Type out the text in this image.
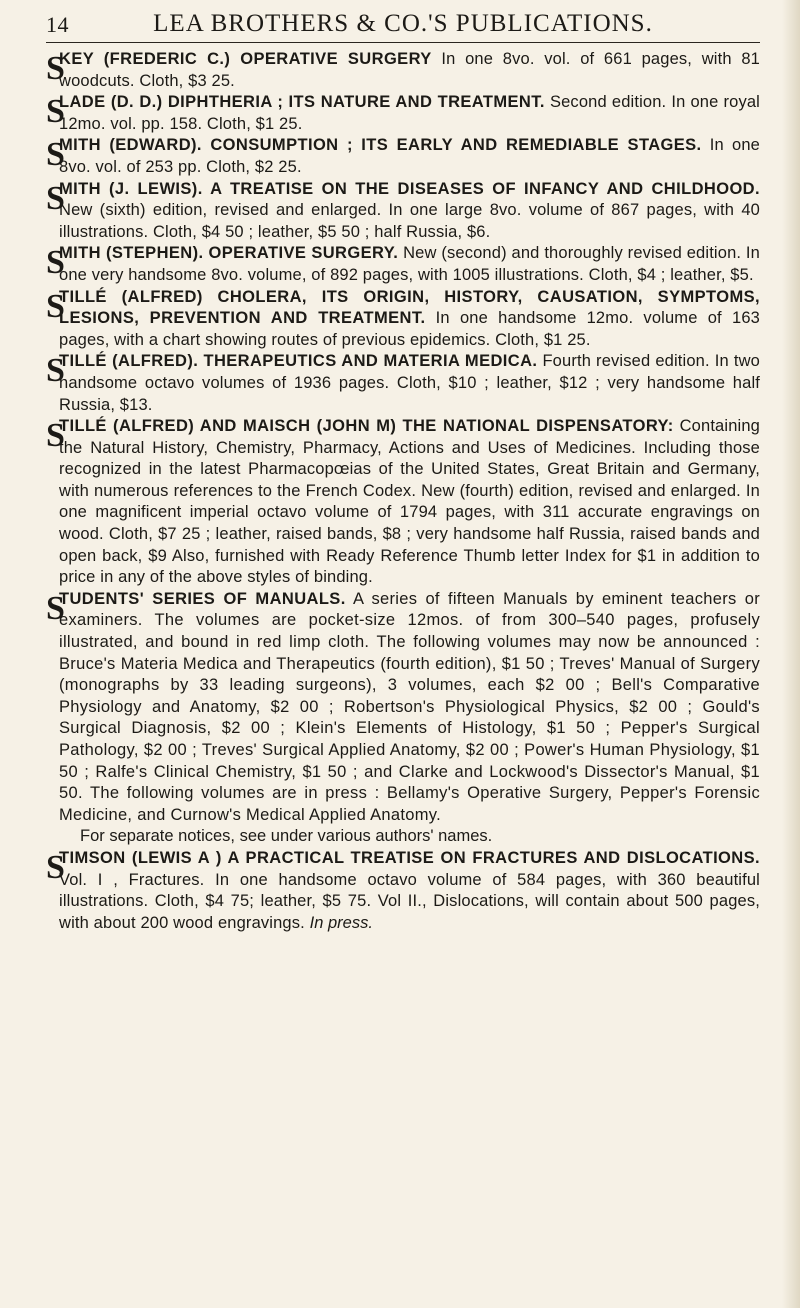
14	LEA BROTHERS & CO.'S PUBLICATIONS.
S
KEY (FREDERIC C.) OPERATIVE SURGERY In one 8vo. vol. of 661 pages, with 81 woodcuts. Cloth, $3 25.
S
LADE (D. D.) DIPHTHERIA ; ITS NATURE AND TREATMENT. Second edition. In one royal 12mo. vol. pp. 158. Cloth, $1 25.
S
MITH (EDWARD). CONSUMPTION ; ITS EARLY AND REMEDIABLE STAGES. In one 8vo. vol. of 253 pp. Cloth, $2 25.
S
MITH (J. LEWIS). A TREATISE ON THE DISEASES OF INFANCY AND CHILDHOOD. New (sixth) edition, revised and enlarged. In one large 8vo. volume of 867 pages, with 40 illustrations. Cloth, $4 50 ; leather, $5 50 ; half Russia, $6.
S
MITH (STEPHEN). OPERATIVE SURGERY. New (second) and thoroughly revised edition. In one very handsome 8vo. volume, of 892 pages, with 1005 illustrations. Cloth, $4 ; leather, $5.
S
TILLÉ (ALFRED) CHOLERA, ITS ORIGIN, HISTORY, CAUSATION, SYMPTOMS, LESIONS, PREVENTION AND TREATMENT. In one handsome 12mo. volume of 163 pages, with a chart showing routes of previous epidemics. Cloth, $1 25.
S
TILLÉ (ALFRED). THERAPEUTICS AND MATERIA MEDICA. Fourth revised edition. In two handsome octavo volumes of 1936 pages. Cloth, $10 ; leather, $12 ; very handsome half Russia, $13.
S
TILLÉ (ALFRED) AND MAISCH (JOHN M) THE NATIONAL DISPENSATORY: Containing the Natural History, Chemistry, Pharmacy, Actions and Uses of Medicines. Including those recognized in the latest Pharmacopœias of the United States, Great Britain and Germany, with numerous references to the French Codex. New (fourth) edition, revised and enlarged. In one magnificent imperial octavo volume of 1794 pages, with 311 accurate engravings on wood. Cloth, $7 25 ; leather, raised bands, $8 ; very handsome half Russia, raised bands and open back, $9 Also, furnished with Ready Reference Thumb letter Index for $1 in addition to price in any of the above styles of binding.
S
TUDENTS' SERIES OF MANUALS. A series of fifteen Manuals by eminent teachers or examiners. The volumes are pocket-size 12mos. of from 300–540 pages, profusely illustrated, and bound in red limp cloth. The following volumes may now be announced : Bruce's Materia Medica and Therapeutics (fourth edition), $1 50 ; Treves' Manual of Surgery (monographs by 33 leading surgeons), 3 volumes, each $2 00 ; Bell's Comparative Physiology and Anatomy, $2 00 ; Robertson's Physiological Physics, $2 00 ; Gould's Surgical Diagnosis, $2 00 ; Klein's Elements of Histology, $1 50 ; Pepper's Surgical Pathology, $2 00 ; Treves' Surgical Applied Anatomy, $2 00 ; Power's Human Physiology, $1 50 ; Ralfe's Clinical Chemistry, $1 50 ; and Clarke and Lockwood's Dissector's Manual, $1 50. The following volumes are in press : Bellamy's Operative Surgery, Pepper's Forensic Medicine, and Curnow's Medical Applied Anatomy.
For separate notices, see under various authors' names.
S
TIMSON (LEWIS A ) A PRACTICAL TREATISE ON FRACTURES AND DISLOCATIONS. Vol. I , Fractures. In one handsome octavo volume of 584 pages, with 360 beautiful illustrations. Cloth, $4 75; leather, $5 75. Vol II., Dislocations, will contain about 500 pages, with about 200 wood engravings. In press.
